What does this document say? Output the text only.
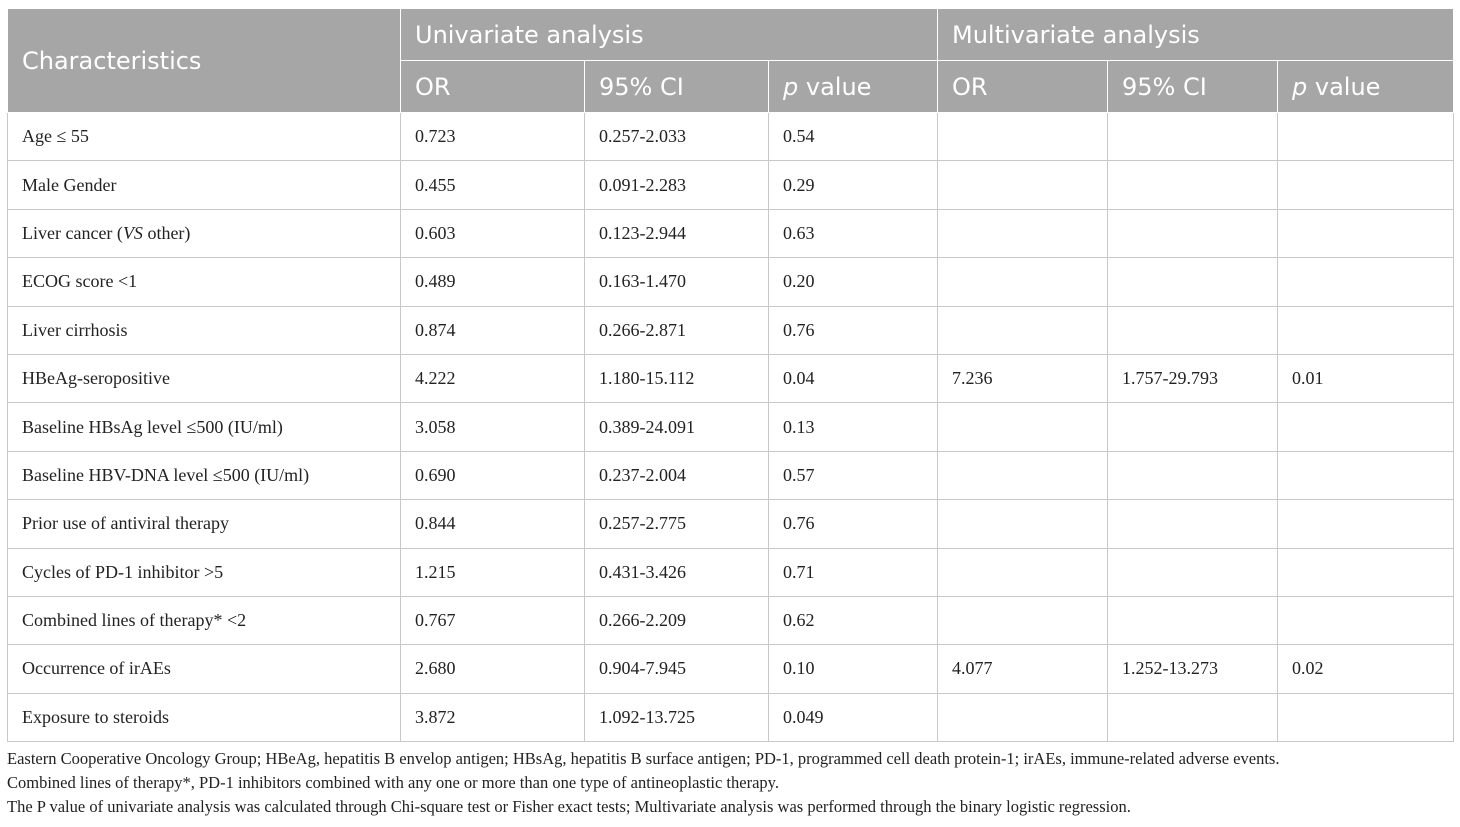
Characteristics	Univariate analysis			Multivariate analysis		
	OR	95% CI	p value	OR	95% CI	p value
Age ≤ 55	0.723	0.257-2.033	0.54			
Male Gender	0.455	0.091-2.283	0.29			
Liver cancer (VS other)	0.603	0.123-2.944	0.63			
ECOG score <1	0.489	0.163-1.470	0.20			
Liver cirrhosis	0.874	0.266-2.871	0.76			
HBeAg-seropositive	4.222	1.180-15.112	0.04	7.236	1.757-29.793	0.01
Baseline HBsAg level ≤500 (IU/ml)	3.058	0.389-24.091	0.13			
Baseline HBV-DNA level ≤500 (IU/ml)	0.690	0.237-2.004	0.57			
Prior use of antiviral therapy	0.844	0.257-2.775	0.76			
Cycles of PD-1 inhibitor >5	1.215	0.431-3.426	0.71			
Combined lines of therapy* <2	0.767	0.266-2.209	0.62			
Occurrence of irAEs	2.680	0.904-7.945	0.10	4.077	1.252-13.273	0.02
Exposure to steroids	3.872	1.092-13.725	0.049			
Eastern Cooperative Oncology Group; HBeAg, hepatitis B envelop antigen; HBsAg, hepatitis B surface antigen; PD-1, programmed cell death protein-1; irAEs, immune-related adverse events.
Combined lines of therapy*, PD-1 inhibitors combined with any one or more than one type of antineoplastic therapy.
The P value of univariate analysis was calculated through Chi-square test or Fisher exact tests; Multivariate analysis was performed through the binary logistic regression.
